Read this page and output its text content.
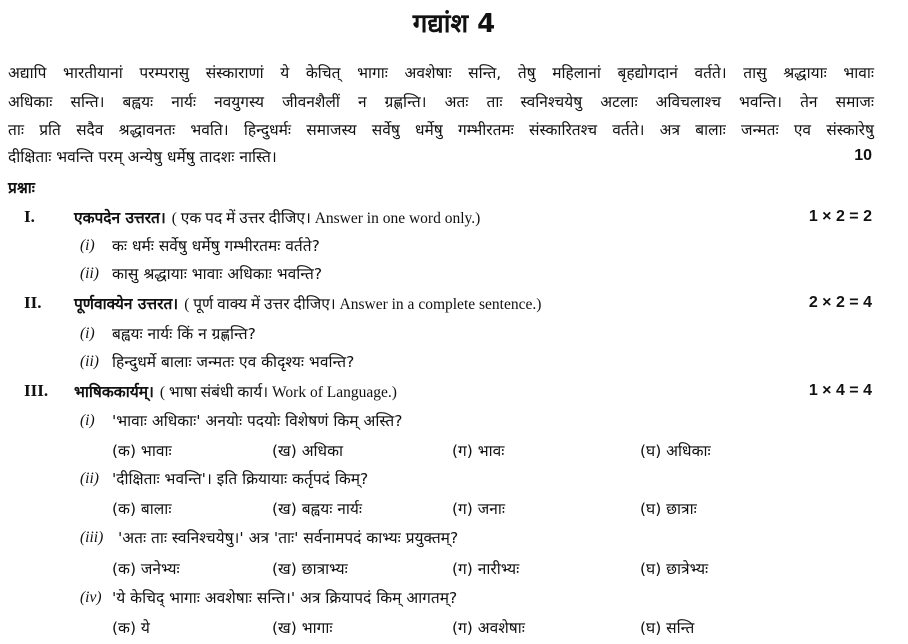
गद्यांश 4
अद्यापि भारतीयानां परम्परासु संस्काराणां ये केचित् भागाः अवशेषाः सन्ति, तेषु महिलानां बृहद्योगदानं वर्तते। तासु श्रद्धायाः भावाः
अधिकाः सन्ति। बह्वयः नार्यः नवयुगस्य जीवनशैलीं न ग्रह्णन्ति। अतः ताः स्वनिश्चयेषु अटलाः अविचलाश्च भवन्ति। तेन समाजः
ताः प्रति सदैव श्रद्धावनतः भवति। हिन्दुधर्मः समाजस्य सर्वेषु धर्मेषु गम्भीरतमः संस्कारितश्च वर्तते। अत्र बालाः जन्मतः एव संस्कारेषु
दीक्षिताः भवन्ति परम् अन्येषु धर्मेषु तादशः नास्ति।	10
प्रश्नाः
I.	एकपदेन उत्तरत। ( एक पद में उत्तर दीजिए। Answer in one word only.)	1 × 2 = 2
(i) कः धर्मः सर्वेषु धर्मेषु गम्भीरतमः वर्तते?
(ii) कासु श्रद्धायाः भावाः अधिकाः भवन्ति?
II. पूर्णवाक्येन उत्तरत। ( पूर्ण वाक्य में उत्तर दीजिए। Answer in a complete sentence.)	2 × 2 = 4
(i) बह्वयः नार्यः किं न ग्रह्णन्ति?
(ii) हिन्दुधर्मे बालाः जन्मतः एव कीदृश्यः भवन्ति?
III. भाषिककार्यम्। ( भाषा संबंधी कार्य। Work of Language.)	1 × 4 = 4
(i) 'भावाः अधिकाः' अनयोः पदयोः विशेषणं किम् अस्ति?
(क) भावाः	(ख) अधिका	(ग) भावः	(घ) अधिकाः
(ii) 'दीक्षिताः भवन्ति'। इति क्रियायाः कर्तृपदं किम्?
(क) बालाः	(ख) बह्वयः नार्यः	(ग) जनाः	(घ) छात्राः
(iii) 'अतः ताः स्वनिश्चयेषु।' अत्र 'ताः' सर्वनामपदं काभ्यः प्रयुक्तम्?
(क) जनेभ्यः	(ख) छात्राभ्यः	(ग) नारीभ्यः	(घ) छात्रेभ्यः
(iv) 'ये केचिद् भागाः अवशेषाः सन्ति।' अत्र क्रियापदं किम् आगतम्?
(क) ये	(ख) भागाः	(ग) अवशेषाः	(घ) सन्ति
